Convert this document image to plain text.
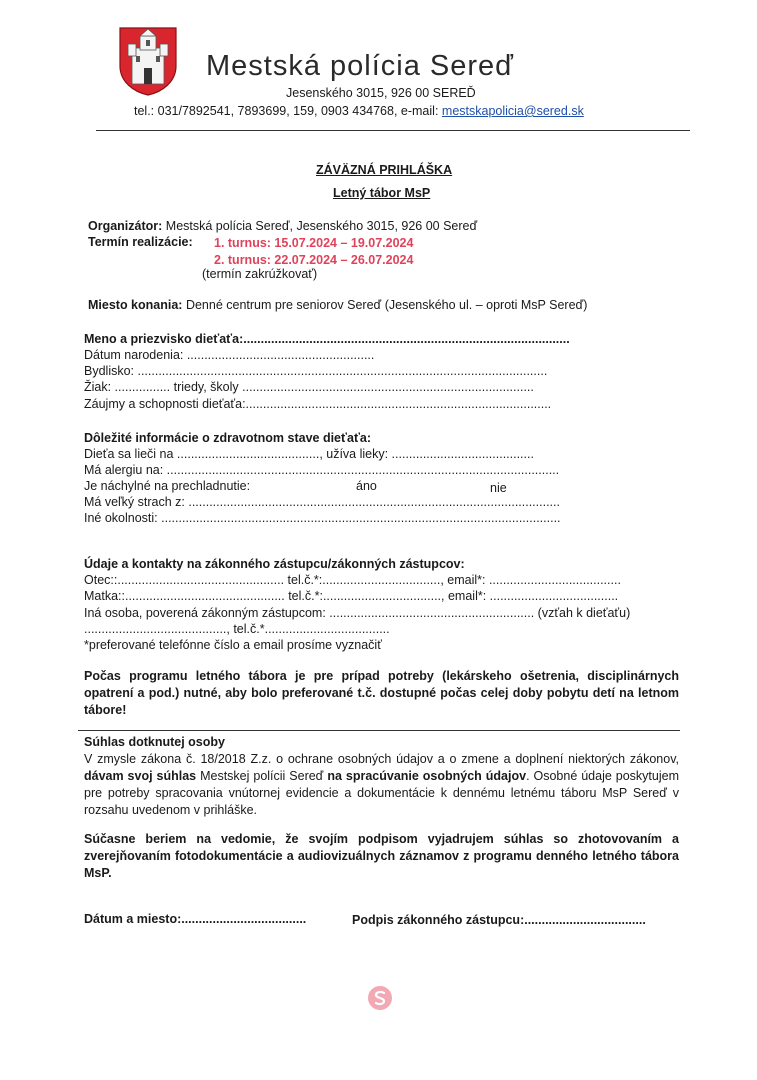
Mestská polícia Sereď
Jesenského 3015, 926 00 SEREĎ
tel.: 031/7892541, 7893699, 159, 0903 434768, e-mail: mestskapolicia@sered.sk
ZÁVÄZNÁ PRIHLÁŠKA
Letný tábor MsP
Organizátor: Mestská polícia Sereď, Jesenského 3015, 926 00 Sereď
Termín realizácie: 1. turnus: 15.07.2024 – 19.07.2024
2. turnus: 22.07.2024 – 26.07.2024
(termín zakrúžkovať)
Miesto konania: Denné centrum pre seniorov Sereď (Jesenského ul. – oproti MsP Sereď)
Meno a priezvisko dieťaťa:..............................................................................................
Dátum narodenia: ......................................................
Bydlisko: ......................................................................................................................
Žiak: ................ triedy, školy ....................................................................................
Záujmy a schopnosti dieťaťa:........................................................................................
Dôležité informácie o zdravotnom stave dieťaťa:
Dieťa sa lieči na ........................................., užíva lieky: .........................................
Má alergiu na: .................................................................................................................
Je náchylné na prechladnutie:	áno	nie
Má veľký strach z: ...........................................................................................................
Iné okolnosti: ...................................................................................................................
Údaje a kontakty na zákonného zástupcu/zákonných zástupcov:
Otec::................................................ tel.č.*:.................................., email*: ......................................
Matka::.............................................. tel.č.*:.................................., email*: .....................................
Iná osoba, poverená zákonným zástupcom: ........................................................... (vzťah k dieťaťu)
........................................., tel.č.*....................................
*preferované telefónne číslo a email prosíme vyznačiť
Počas programu letného tábora je pre prípad potreby (lekárskeho ošetrenia, disciplinárnych opatrení a pod.) nutné, aby bolo preferované t.č. dostupné počas celej doby pobytu detí na letnom tábore!
Súhlas dotknutej osoby
V zmysle zákona č. 18/2018 Z.z. o ochrane osobných údajov a o zmene a doplnení niektorých zákonov, dávam svoj súhlas Mestskej polícii Sereď na spracúvanie osobných údajov. Osobné údaje poskytujem pre potreby spracovania vnútornej evidencie a dokumentácie k dennému letnému táboru MsP Sereď v rozsahu uvedenom v prihláške.
Súčasne beriem na vedomie, že svojím podpisom vyjadrujem súhlas so zhotovovaním a zverejňovaním fotodokumentácie a audiovizuálnych záznamov z programu denného letného tábora MsP.
Dátum a miesto:....................................	Podpis zákonného zástupcu:...................................
